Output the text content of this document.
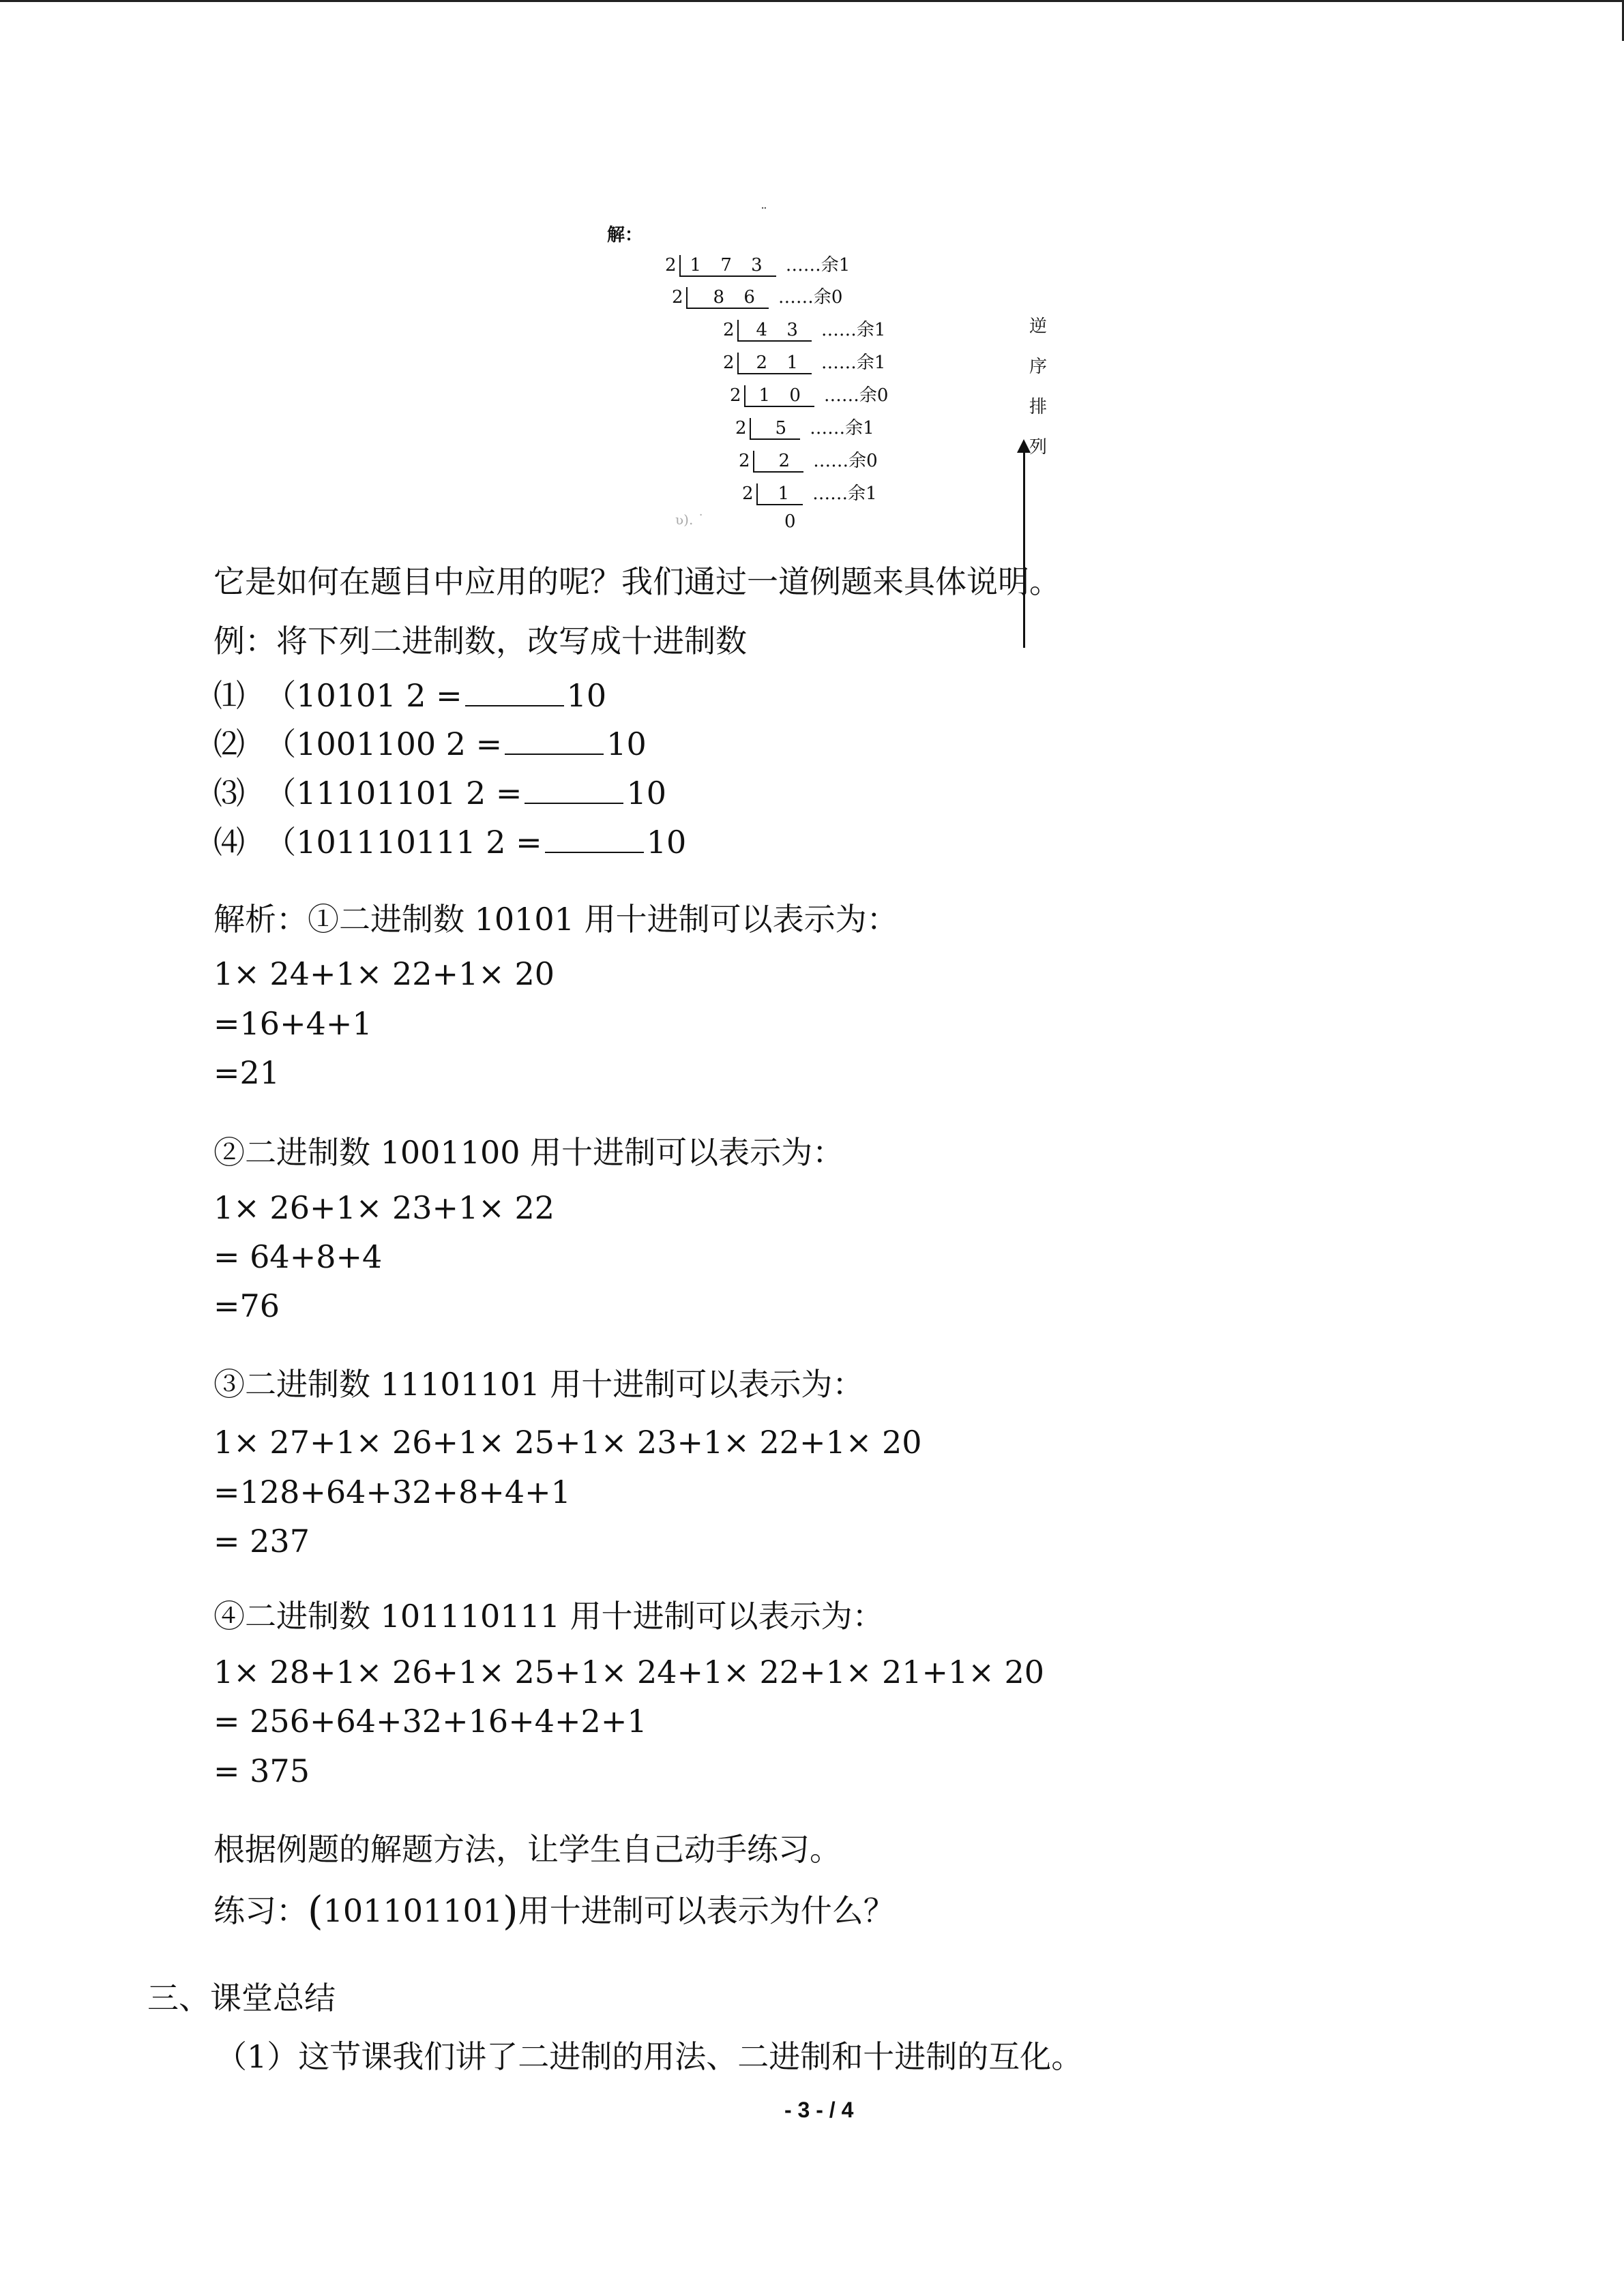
¨
解：
2 1 7 3 ……余1
2 8 6 ……余0
2 4 3 ……余1
2 2 1 ……余1
2 1 0 ……余0
2 5 ……余1
2 2 ……余0
2 1 ……余1
ʋ). ˙	0
逆
序
排
列
它是如何在题目中应用的呢？我们通过一道例题来具体说明。
例：将下列二进制数，改写成十进制数
⑴ （10101 2 =	10
⑵ （1001100 2 =	10
⑶ （11101101 2 =	10
⑷ （101110111 2 =	10
解析：①二进制数 10101 用十进制可以表示为：
1× 24+1× 22+1× 20
=16+4+1
=21
②二进制数 1001100 用十进制可以表示为：
1× 26+1× 23+1× 22
= 64+8+4
=76
③二进制数 11101101 用十进制可以表示为：
1× 27+1× 26+1× 25+1× 23+1× 22+1× 20
=128+64+32+8+4+1
= 237
④二进制数 101110111 用十进制可以表示为：
1× 28+1× 26+1× 25+1× 24+1× 22+1× 21+1× 20
= 256+64+32+16+4+2+1
= 375
根据例题的解题方法，让学生自己动手练习。
练习：(101101101)用十进制可以表示为什么？
三、课堂总结
（1）这节课我们讲了二进制的用法、二进制和十进制的互化。
- 3 - / 4
